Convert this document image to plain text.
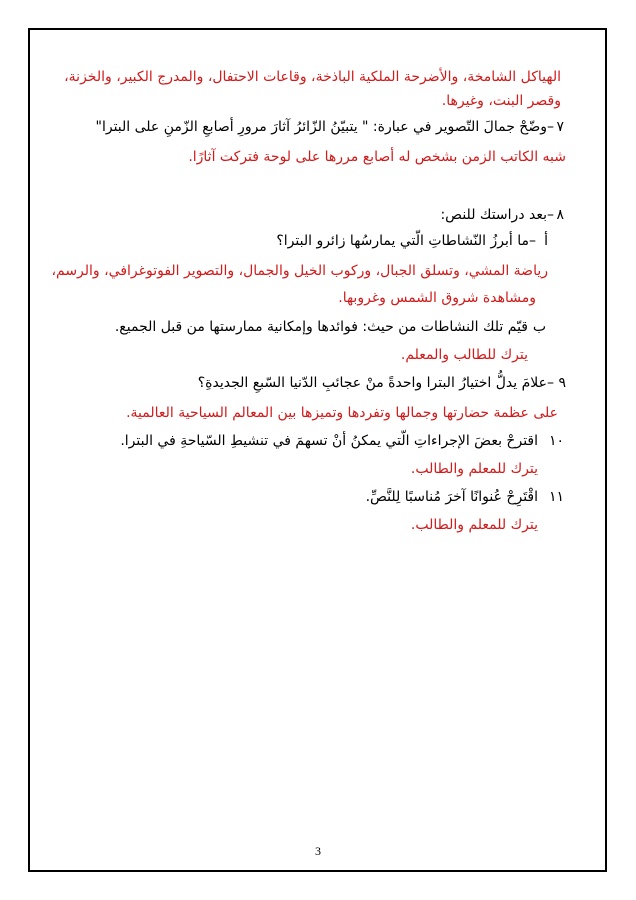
الهياكل الشامخة، والأضرحة الملكية الباذخة، وقاعات الاحتفال، والمدرج الكبير، والخزنة،
وقصر البنت، وغيرها.
٧
–وضّحْ جمالَ التّصوير في عبارة: " يتبيّنُ الزّائرُ آثارَ مرورِ أصابعِ الزّمنِ على البترا"
شبه الكاتب الزمن بشخص له أصابع مررها على لوحة فتركت آثارًا.
٨
–بعد دراستك للنص:
أ
–ما أبرزُ النّشاطاتِ الّتي يمارسُها زائرو البترا؟
رياضة المشي، وتسلق الجبال، وركوب الخيل والجمال، والتصوير الفوتوغرافي، والرسم،
ومشاهدة شروق الشمس وغروبها.
ب
قيّم تلك النشاطات من حيث: فوائدها وإمكانية ممارستها من قبل الجميع.
يترك للطالب والمعلم.
٩
–علامَ يدلُّ اختيارُ البترا واحدةً منْ عجائبِ الدّنيا السّبعِ الجديدةِ؟
على عظمة حضارتها وجمالها وتفردها وتميزها بين المعالم السياحية العالمية.
١٠
اقترحْ بعضَ الإجراءاتِ الّتي يمكنُ أنْ تسهمَ في تنشيطِ السّياحةِ في البترا.
يترك للمعلم والطالب.
١١
اقْتَرِحْ عُنوانًا آخرَ مُناسبًا لِلنَّصِّ.
يترك للمعلم والطالب.
3
